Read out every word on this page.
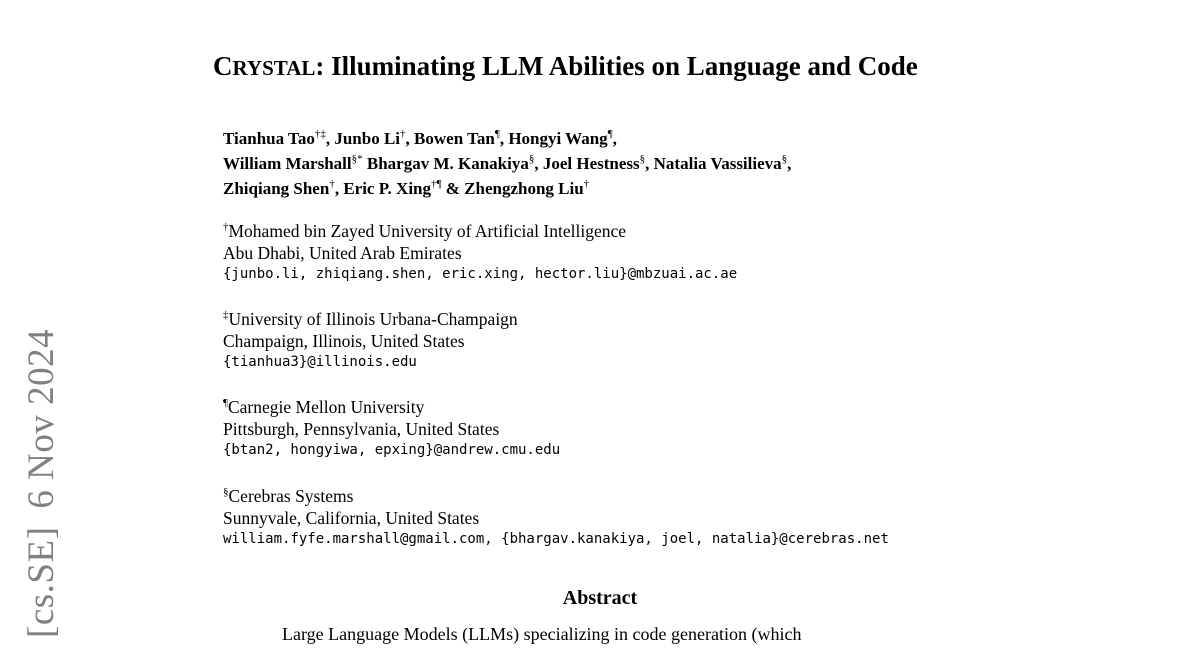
[cs.SE]6 Nov 2024
CRYSTAL: Illuminating LLM Abilities on Language and Code
Tianhua Tao†‡, Junbo Li†, Bowen Tan¶, Hongyi Wang¶,
William Marshall§* Bhargav M. Kanakiya§, Joel Hestness§, Natalia Vassilieva§,
Zhiqiang Shen†, Eric P. Xing†¶ & Zhengzhong Liu†
†Mohamed bin Zayed University of Artificial Intelligence
Abu Dhabi, United Arab Emirates
{junbo.li, zhiqiang.shen, eric.xing, hector.liu}@mbzuai.ac.ae
‡University of Illinois Urbana-Champaign
Champaign, Illinois, United States
{tianhua3}@illinois.edu
¶Carnegie Mellon University
Pittsburgh, Pennsylvania, United States
{btan2, hongyiwa, epxing}@andrew.cmu.edu
§Cerebras Systems
Sunnyvale, California, United States
william.fyfe.marshall@gmail.com, {bhargav.kanakiya, joel, natalia}@cerebras.net
Abstract
Large Language Models (LLMs) specializing in code generation (which
